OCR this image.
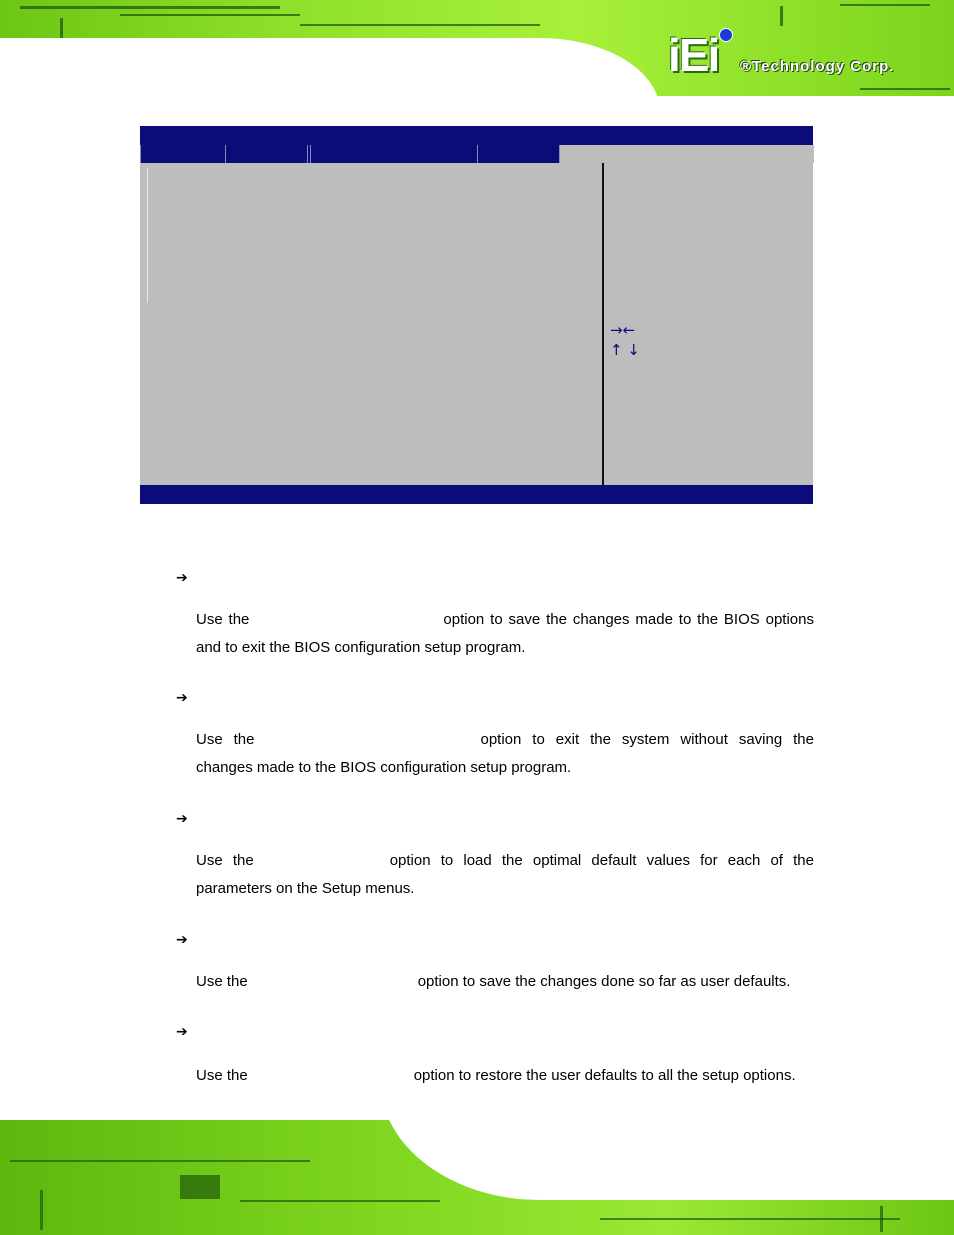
iEi ®Technology Corp.
→←
↑ ↓
➔
Use the	option to save the changes made to the BIOS options and to exit the BIOS configuration setup program.
➔
Use the	option to exit the system without saving the changes made to the BIOS configuration setup program.
➔
Use the	option to load the optimal default values for each of the parameters on the Setup menus.
➔
Use the	option to save the changes done so far as user defaults.
➔
Use the	option to restore the user defaults to all the setup options.
